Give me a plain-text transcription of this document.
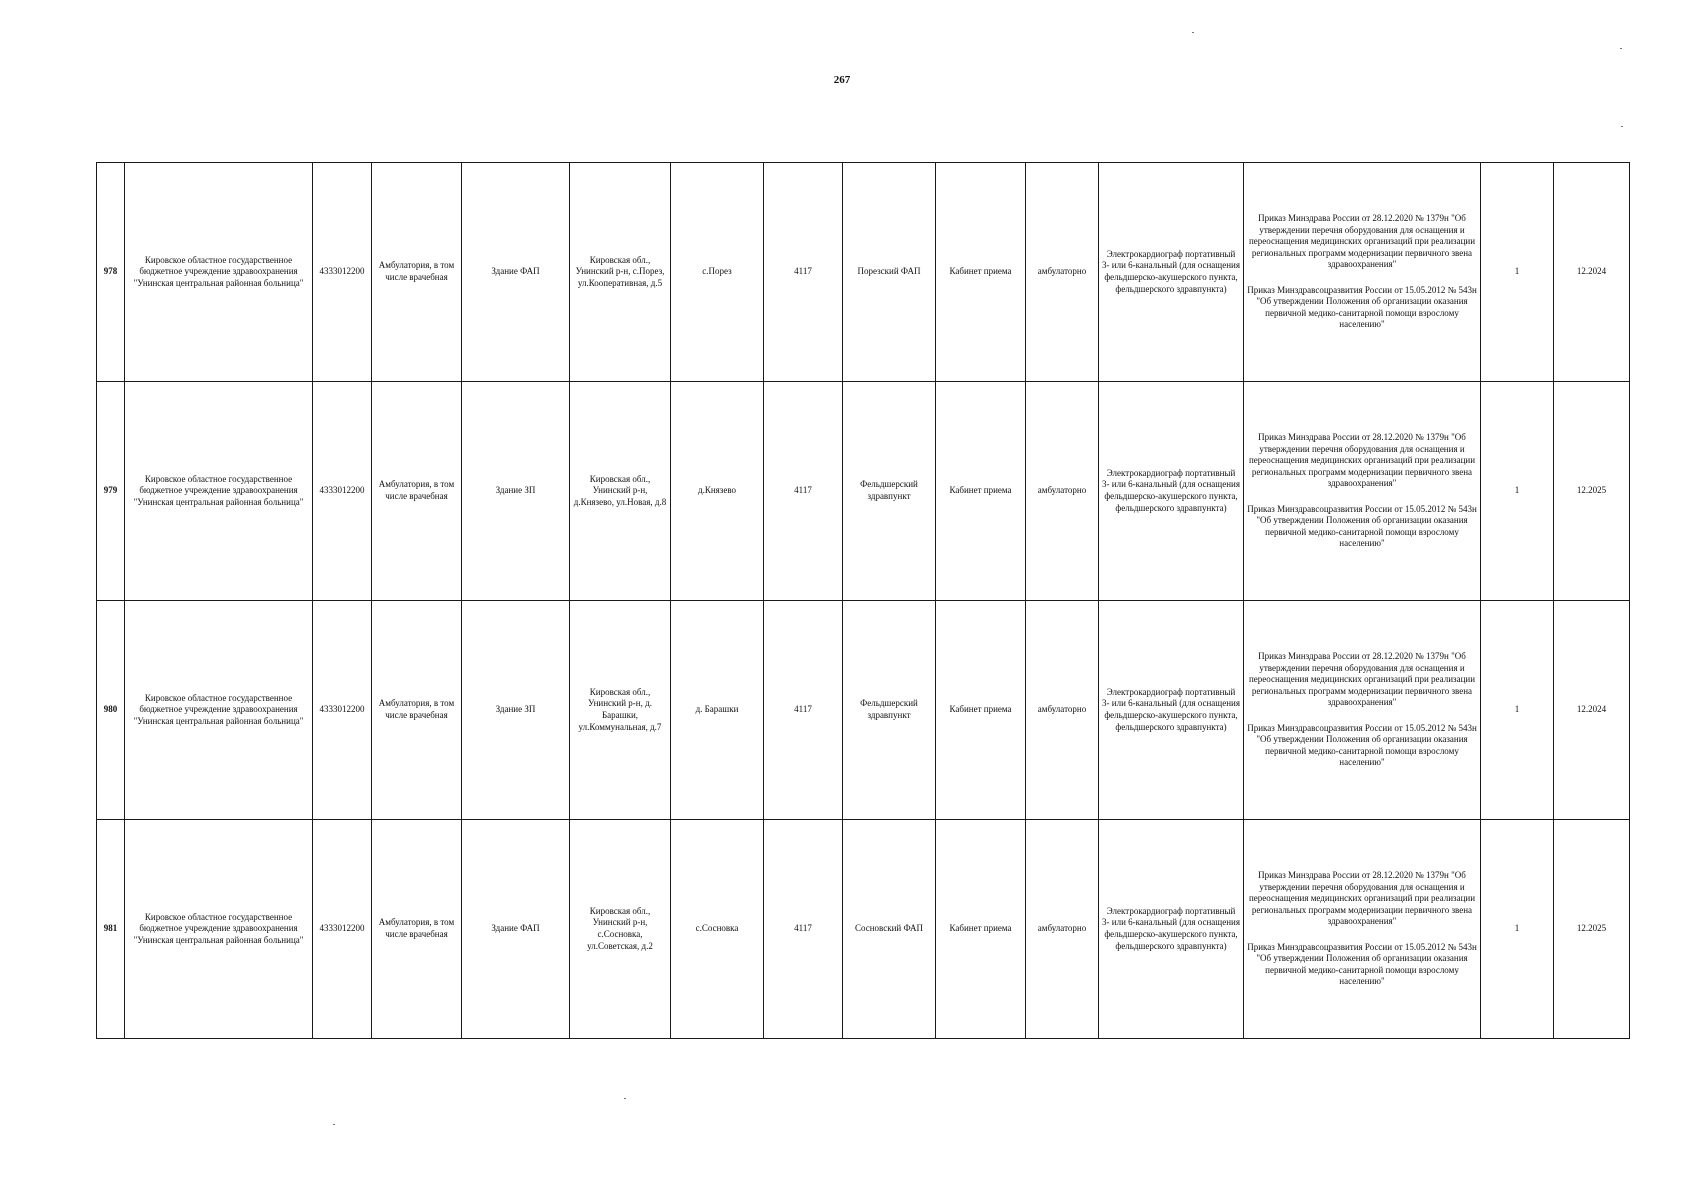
267
978	Кировское областное государственное бюджетное учреждение здравоохранения "Унинская центральная районная больница"	4333012200	Амбулатория, в том числе врачебная	Здание ФАП	Кировская обл., Унинский р-н, с.Порез, ул.Кооперативная, д.5	с.Порез	4117	Порезский ФАП	Кабинет приема	амбулаторно	Электрокардиограф портативный 3- или 6-канальный (для оснащения фельдшерско-акушерского пункта, фельдшерского здравпункта)	Приказ Минздрава России от 28.12.2020 № 1379н "Об утверждении перечня оборудования для оснащения и переоснащения медицинских организаций при реализации региональных программ модернизации первичного звена здравоохранения"
Приказ Минздравсоцразвития России от 15.05.2012 № 543н "Об утверждении Положения об организации оказания первичной медико-санитарной помощи взрослому населению"	1	12.2024
979	Кировское областное государственное бюджетное учреждение здравоохранения "Унинская центральная районная больница"	4333012200	Амбулатория, в том числе врачебная	Здание ЗП	Кировская обл., Унинский р-н, д.Князево, ул.Новая, д.8	д.Князево	4117	Фельдшерский здравпункт	Кабинет приема	амбулаторно	Электрокардиограф портативный 3- или 6-канальный (для оснащения фельдшерско-акушерского пункта, фельдшерского здравпункта)	Приказ Минздрава России от 28.12.2020 № 1379н "Об утверждении перечня оборудования для оснащения и переоснащения медицинских организаций при реализации региональных программ модернизации первичного звена здравоохранения"
Приказ Минздравсоцразвития России от 15.05.2012 № 543н "Об утверждении Положения об организации оказания первичной медико-санитарной помощи взрослому населению"	1	12.2025
980	Кировское областное государственное бюджетное учреждение здравоохранения "Унинская центральная районная больница"	4333012200	Амбулатория, в том числе врачебная	Здание ЗП	Кировская обл., Унинский р-н, д. Барашки, ул.Коммунальная, д.7	д. Барашки	4117	Фельдшерский здравпункт	Кабинет приема	амбулаторно	Электрокардиограф портативный 3- или 6-канальный (для оснащения фельдшерско-акушерского пункта, фельдшерского здравпункта)	Приказ Минздрава России от 28.12.2020 № 1379н "Об утверждении перечня оборудования для оснащения и переоснащения медицинских организаций при реализации региональных программ модернизации первичного звена здравоохранения"
Приказ Минздравсоцразвития России от 15.05.2012 № 543н "Об утверждении Положения об организации оказания первичной медико-санитарной помощи взрослому населению"	1	12.2024
981	Кировское областное государственное бюджетное учреждение здравоохранения "Унинская центральная районная больница"	4333012200	Амбулатория, в том числе врачебная	Здание ФАП	Кировская обл., Унинский р-н, с.Сосновка, ул.Советская, д.2	с.Сосновка	4117	Сосновский ФАП	Кабинет приема	амбулаторно	Электрокардиограф портативный 3- или 6-канальный (для оснащения фельдшерско-акушерского пункта, фельдшерского здравпункта)	Приказ Минздрава России от 28.12.2020 № 1379н "Об утверждении перечня оборудования для оснащения и переоснащения медицинских организаций при реализации региональных программ модернизации первичного звена здравоохранения"
Приказ Минздравсоцразвития России от 15.05.2012 № 543н "Об утверждении Положения об организации оказания первичной медико-санитарной помощи взрослому населению"	1	12.2025
